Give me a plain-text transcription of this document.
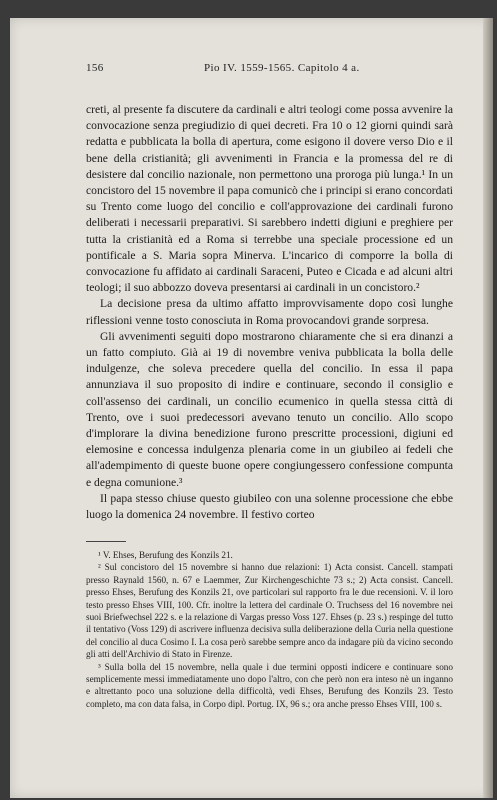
156	Pio IV. 1559-1565. Capitolo 4 a.

creti, al presente fa discutere da cardinali e altri teologi come possa avvenire la convocazione senza pregiudizio di quei decreti. Fra 10 o 12 giorni quindi sarà redatta e pubblicata la bolla di apertura, come esigono il dovere verso Dio e il bene della cristianità; gli avvenimenti in Francia e la promessa del re di desistere dal concilio nazionale, non permettono una proroga più lunga.¹ In un concistoro del 15 novembre il papa comunicò che i principi si erano concordati su Trento come luogo del concilio e coll'approvazione dei cardinali furono deliberati i necessarii preparativi. Si sarebbero indetti digiuni e preghiere per tutta la cristianità ed a Roma si terrebbe una speciale processione ed un pontificale a S. Maria sopra Minerva. L'incarico di comporre la bolla di convocazione fu affidato ai cardinali Saraceni, Puteo e Cicada e ad alcuni altri teologi; il suo abbozzo doveva presentarsi ai cardinali in un concistoro.²

La decisione presa da ultimo affatto improvvisamente dopo così lunghe riflessioni venne tosto conosciuta in Roma provocandovi grande sorpresa.

Gli avvenimenti seguiti dopo mostrarono chiaramente che si era dinanzi a un fatto compiuto. Già ai 19 di novembre veniva pubblicata la bolla delle indulgenze, che soleva precedere quella del concilio. In essa il papa annunziava il suo proposito di indire e continuare, secondo il consiglio e coll'assenso dei cardinali, un concilio ecumenico in quella stessa città di Trento, ove i suoi predecessori avevano tenuto un concilio. Allo scopo d'implorare la divina benedizione furono prescritte processioni, digiuni ed elemosine e concessa indulgenza plenaria come in un giubileo ai fedeli che all'adempimento di queste buone opere congiungessero confessione compunta e degna comunione.³

Il papa stesso chiuse questo giubileo con una solenne processione che ebbe luogo la domenica 24 novembre. Il festivo corteo

¹ V. Ehses, Berufung des Konzils 21.

² Sul concistoro del 15 novembre si hanno due relazioni: 1) Acta consist. Cancell. stampati presso Raynald 1560, n. 67 e Laemmer, Zur Kirchengeschichte 73 s.; 2) Acta consist. Cancell. presso Ehses, Berufung des Konzils 21, ove particolari sul rapporto fra le due recensioni. V. il loro testo presso Ehses VIII, 100. Cfr. inoltre la lettera del cardinale O. Truchsess del 16 novembre nei suoi Briefwechsel 222 s. e la relazione di Vargas presso Voss 127. Ehses (p. 23 s.) respinge del tutto il tentativo (Voss 129) di ascrivere influenza decisiva sulla deliberazione della Curia nella questione del concilio al duca Cosimo I. La cosa però sarebbe sempre anco da indagare più da vicino secondo gli atti dell'Archivio di Stato in Firenze.

³ Sulla bolla del 15 novembre, nella quale i due termini opposti indicere e continuare sono semplicemente messi immediatamente uno dopo l'altro, con che però non era inteso nè un inganno e altrettanto poco una soluzione della difficoltà, vedi Ehses, Berufung des Konzils 23. Testo completo, ma con data falsa, in Corpo dipl. Portug. IX, 96 s.; ora anche presso Ehses VIII, 100 s.
